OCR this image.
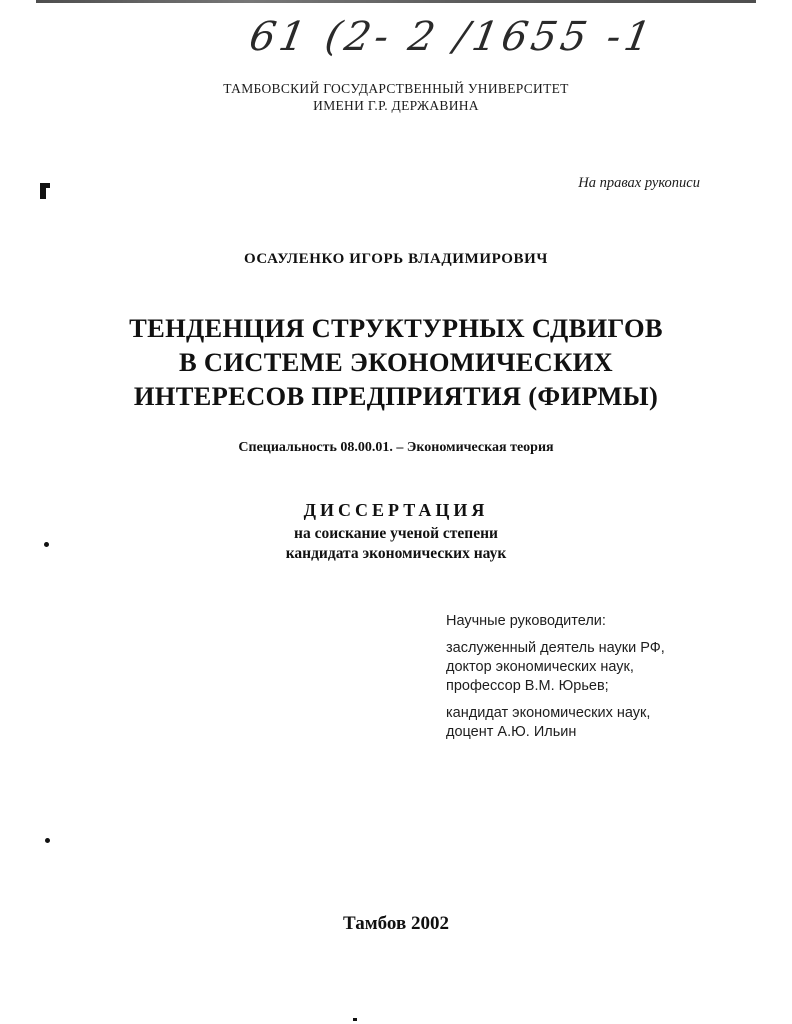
61 (2- 2 /1655 -1
ТАМБОВСКИЙ ГОСУДАРСТВЕННЫЙ УНИВЕРСИТЕТ
ИМЕНИ Г.Р. ДЕРЖАВИНА
На правах рукописи
ОСАУЛЕНКО ИГОРЬ ВЛАДИМИРОВИЧ
ТЕНДЕНЦИЯ СТРУКТУРНЫХ СДВИГОВ
В СИСТЕМЕ ЭКОНОМИЧЕСКИХ
ИНТЕРЕСОВ ПРЕДПРИЯТИЯ (ФИРМЫ)
Специальность 08.00.01. – Экономическая теория
ДИССЕРТАЦИЯ
на соискание ученой степени
кандидата экономических наук
Научные руководители:
заслуженный деятель науки РФ,
доктор экономических наук,
профессор В.М. Юрьев;
кандидат экономических наук,
доцент А.Ю. Ильин
Тамбов 2002
